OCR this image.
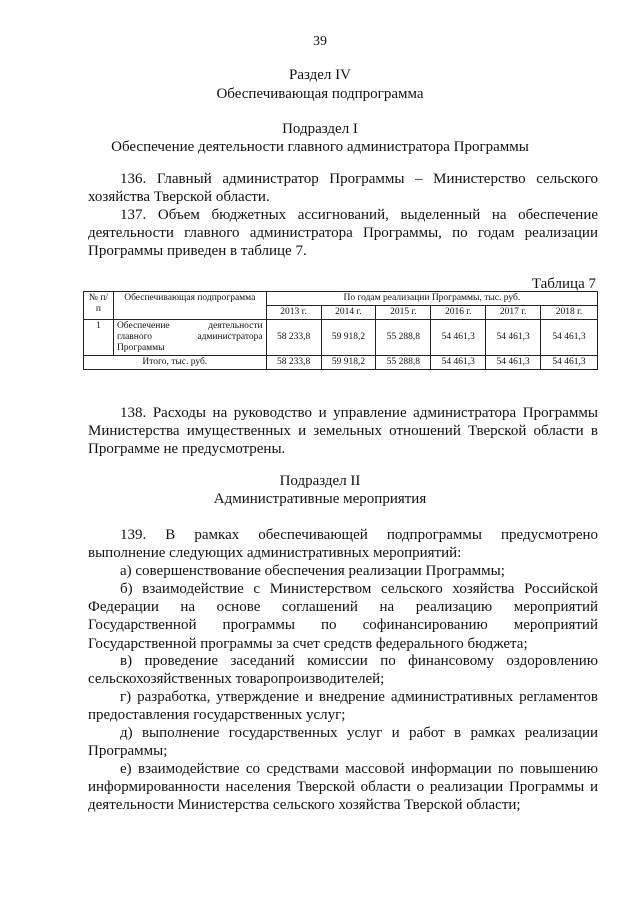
39
Раздел IV
Обеспечивающая подпрограмма
Подраздел I
Обеспечение деятельности главного администратора Программы

136. Главный администратор Программы – Министерство сельского хозяйства Тверской области.

137. Объем бюджетных ассигнований, выделенный на обеспечение деятельности главного администратора Программы, по годам реализации Программы приведен в таблице 7.

Таблица 7
№ п/п	Обеспечивающая подпрограмма	По годам реализации Программы, тыс. руб.					
		2013 г.	2014 г.	2015 г.	2016 г.	2017 г.	2018 г.
1	Обеспечение деятельности главного администратора Программы	58 233,8	59 918,2	55 288,8	54 461,3	54 461,3	54 461,3
Итого, тыс. руб.		58 233,8	59 918,2	55 288,8	54 461,3	54 461,3	54 461,3

138. Расходы на руководство и управление администратора Программы Министерства имущественных и земельных отношений Тверской области в Программе не предусмотрены.

Подраздел II
Административные мероприятия

139. В рамках обеспечивающей подпрограммы предусмотрено выполнение следующих административных мероприятий:

а) совершенствование обеспечения реализации Программы;

б) взаимодействие с Министерством сельского хозяйства Российской Федерации на основе соглашений на реализацию мероприятий Государственной программы по софинансированию мероприятий Государственной программы за счет средств федерального бюджета;

в) проведение заседаний комиссии по финансовому оздоровлению сельскохозяйственных товаропроизводителей;

г) разработка, утверждение и внедрение административных регламентов предоставления государственных услуг;

д) выполнение государственных услуг и работ в рамках реализации Программы;

е) взаимодействие со средствами массовой информации по повышению информированности населения Тверской области о реализации Программы и деятельности Министерства сельского хозяйства Тверской области;
